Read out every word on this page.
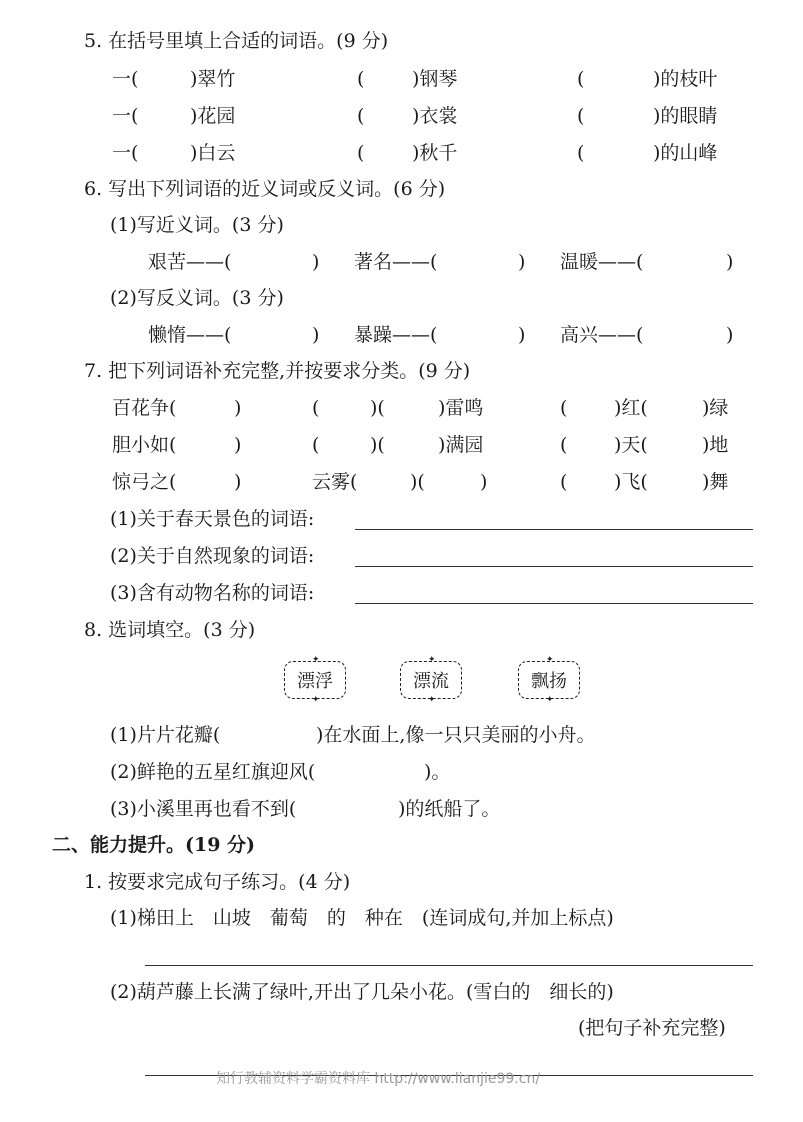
5. 在括号里填上合适的词语。(9 分)
一(	)翠竹	(	)钢琴	(	)的枝叶
一(	)花园	(	)衣裳	(	)的眼睛
一(	)白云	(	)秋千	(	)的山峰
6. 写出下列词语的近义词或反义词。(6 分)
(1)写近义词。(3 分)
艰苦——(	) 著名——(	) 温暖——(	)
(2)写反义词。(3 分)
懒惰——(	) 暴躁——(	) 高兴——(	)
7. 把下列词语补充完整,并按要求分类。(9 分)
百花争(	)	(	)(	)雷鸣	( )红(	)绿
胆小如(	)	(	)(	)满园	( )天(	)地
惊弓之(	)	云雾(	)(	)	( )飞(	)舞
(1)关于春天景色的词语:
(2)关于自然现象的词语:
(3)含有动物名称的词语:
8. 选词填空。(3 分)
✦ 漂浮
✦	✦ 漂流
✦	✦ 飘扬
✦
(1)片片花瓣(	)在水面上,像一只只美丽的小舟。
(2)鲜艳的五星红旗迎风(	)。
(3)小溪里再也看不到(	)的纸船了。
二、能力提升。(19 分)
1. 按要求完成句子练习。(4 分)
(1)梯田上　山坡　葡萄　的　种在　(连词成句,并加上标点)
(2)葫芦藤上长满了绿叶,开出了几朵小花。(雪白的　细长的)
(把句子补充完整)
知行教辅资料学霸资料库 http://www.lianjie99.cn/
